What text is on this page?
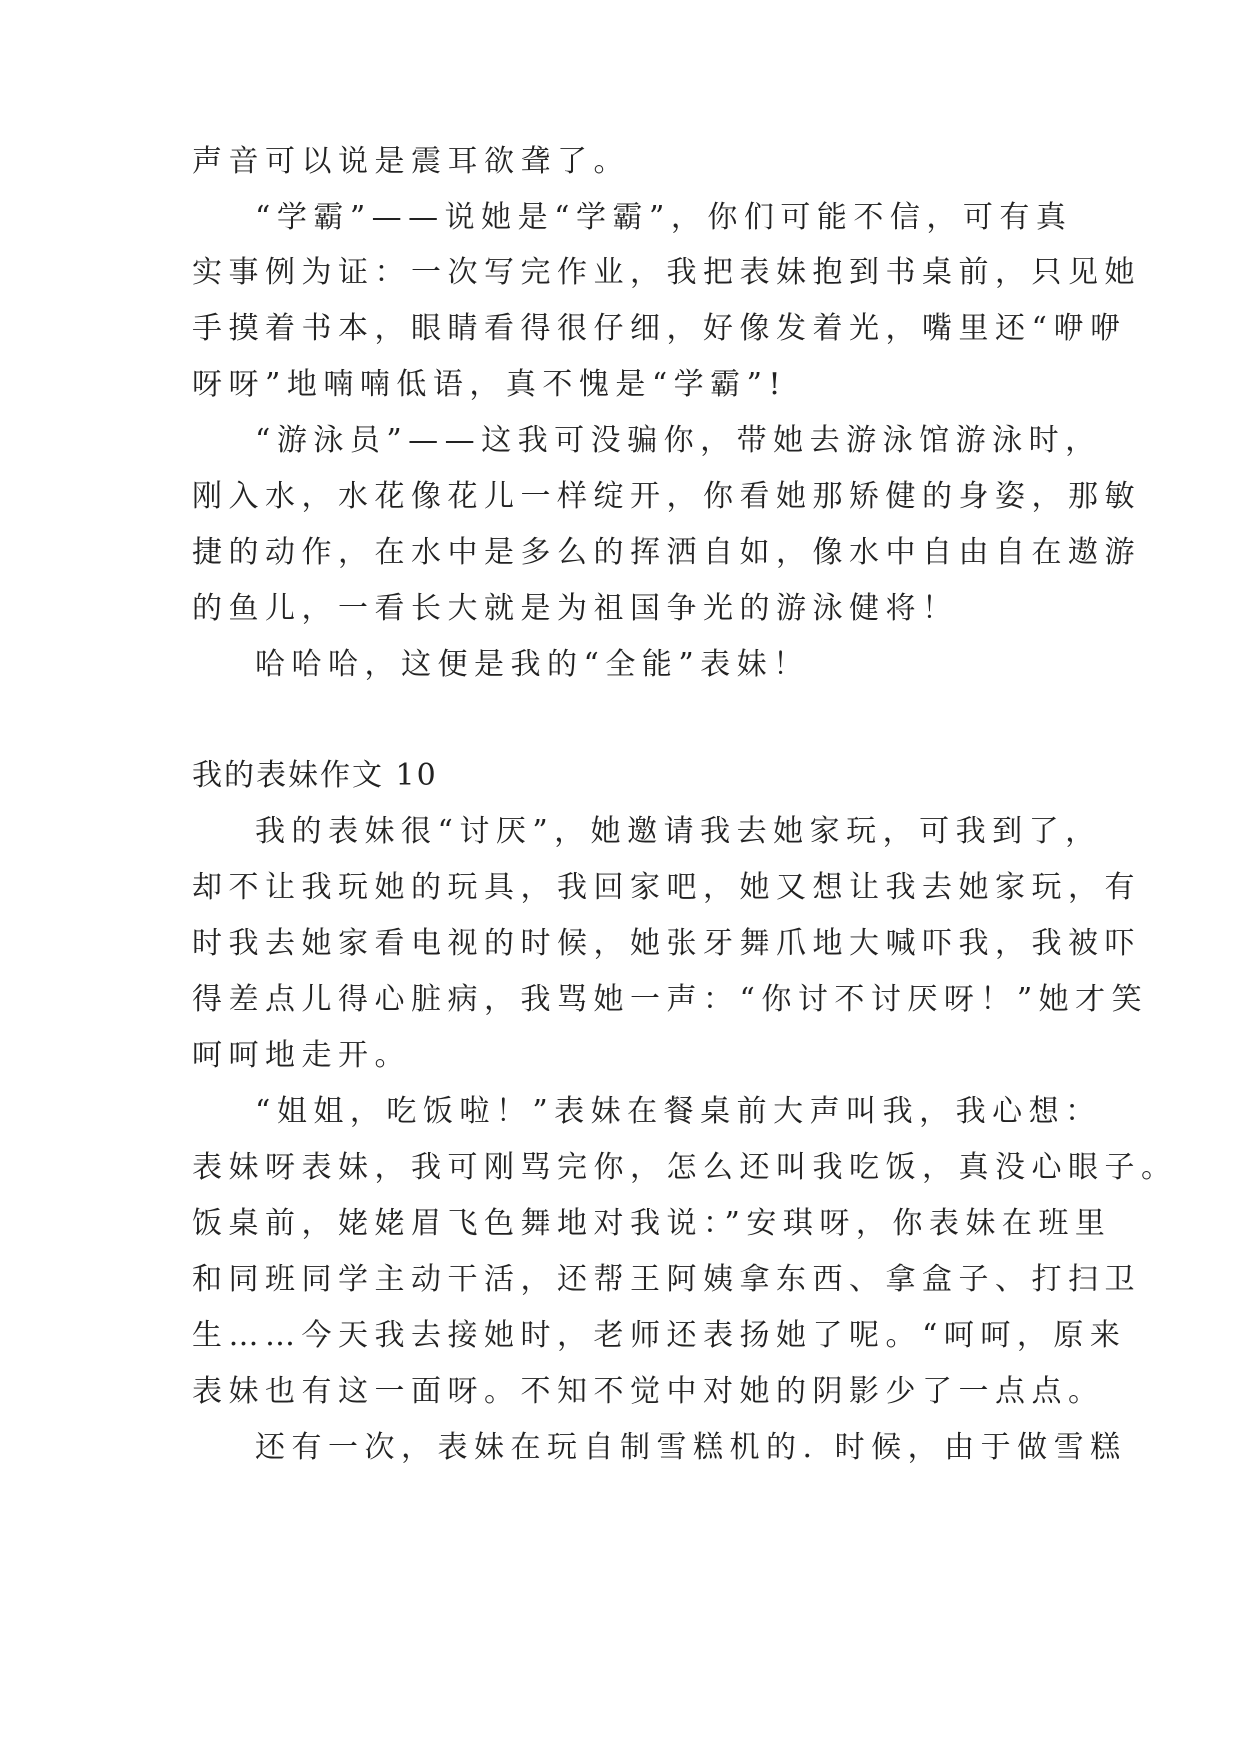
声音可以说是震耳欲聋了。
“学霸”——说她是“学霸”，你们可能不信，可有真
实事例为证：一次写完作业，我把表妹抱到书桌前，只见她
手摸着书本，眼睛看得很仔细，好像发着光，嘴里还“咿咿
呀呀”地喃喃低语，真不愧是“学霸”!
“游泳员”——这我可没骗你，带她去游泳馆游泳时，
刚入水，水花像花儿一样绽开，你看她那矫健的身姿，那敏
捷的动作，在水中是多么的挥洒自如，像水中自由自在遨游
的鱼儿，一看长大就是为祖国争光的游泳健将！
哈哈哈，这便是我的“全能”表妹！
我的表妹作文 10
我的表妹很“讨厌”，她邀请我去她家玩，可我到了，
却不让我玩她的玩具，我回家吧，她又想让我去她家玩，有
时我去她家看电视的时候，她张牙舞爪地大喊吓我，我被吓
得差点儿得心脏病，我骂她一声：“你讨不讨厌呀！”她才笑
呵呵地走开。
“姐姐，吃饭啦！”表妹在餐桌前大声叫我，我心想：
表妹呀表妹，我可刚骂完你，怎么还叫我吃饭，真没心眼子。
饭桌前，姥姥眉飞色舞地对我说：”安琪呀，你表妹在班里
和同班同学主动干活，还帮王阿姨拿东西、拿盒子、打扫卫
生……今天我去接她时，老师还表扬她了呢。“呵呵，原来
表妹也有这一面呀。不知不觉中对她的阴影少了一点点。
还有一次，表妹在玩自制雪糕机的. 时候，由于做雪糕
